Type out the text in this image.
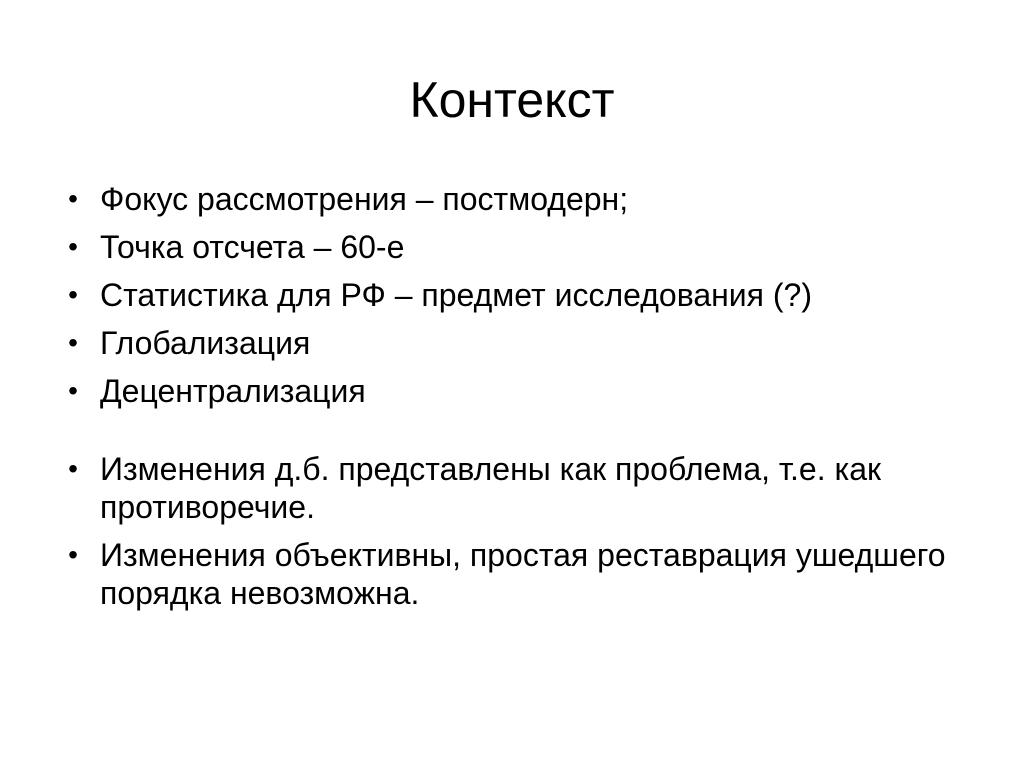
Контекст
• Фокус рассмотрения – постмодерн;
• Точка отсчета – 60-е
• Статистика для РФ – предмет исследования (?)
• Глобализация
• Децентрализация
• Изменения д.б. представлены как проблема, т.е. как противоречие.
• Изменения объективны, простая реставрация ушедшего порядка невозможна.
